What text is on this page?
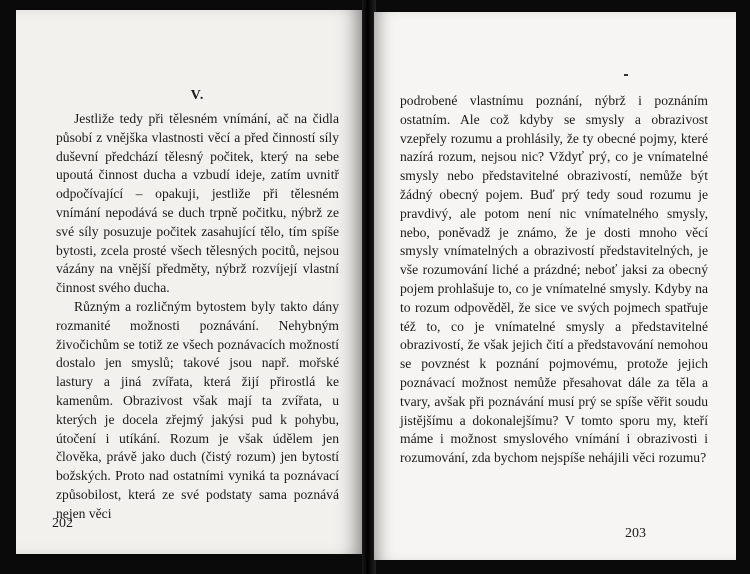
V.

Jestliže tedy při tělesném vnímání, ač na čidla působí z vnějška vlastnosti věcí a před činností síly duševní předchází tělesný počitek, který na sebe upoutá činnost ducha a vzbudí ideje, zatím uvnitř odpočívající – opakuji, jestliže při tělesném vnímání nepodává se duch trpně počitku, nýbrž ze své síly posuzuje počitek zasahující tělo, tím spíše bytosti, zcela prosté všech tělesných pocitů, nejsou vázány na vnější předměty, nýbrž rozvíjejí vlastní činnost svého ducha.

Různým a rozličným bytostem byly takto dány rozmanité možnosti poznávání. Nehybným živočichům se totiž ze všech poznávacích možností dostalo jen smyslů; takové jsou např. mořské lastury a jiná zvířata, která žijí přirostlá ke kamenům. Obrazivost však mají ta zvířata, u kterých je docela zřejmý jakýsi pud k pohybu, útočení i utíkání. Rozum je však údělem jen člověka, právě jako duch (čistý rozum) jen bytostí božských. Proto nad ostatními vyniká ta poznávací způsobilost, která ze své podstaty sama poznává nejen věci

202

podrobené vlastnímu poznání, nýbrž i poznáním ostatním. Ale což kdyby se smysly a obrazivost vzepřely rozumu a prohlásily, že ty obecné pojmy, které nazírá rozum, nejsou nic? Vždyť prý, co je vnímatelné smysly nebo představitelné obrazivostí, nemůže být žádný obecný pojem. Buď prý tedy soud rozumu je pravdivý, ale potom není nic vnímatelného smysly, nebo, poněvadž je známo, že je dosti mnoho věcí smysly vnímatelných a obrazivostí představitelných, je vše rozumování liché a prázdné; neboť jaksi za obecný pojem prohlašuje to, co je vnímatelné smysly. Kdyby na to rozum odpověděl, že sice ve svých pojmech spatřuje též to, co je vnímatelné smysly a představitelné obrazivostí, že však jejich čití a představování nemohou se povznést k poznání pojmovému, protože jejich poznávací možnost nemůže přesahovat dále za těla a tvary, avšak při poznávání musí prý se spíše věřit soudu jistějšímu a dokonalejšímu? V tomto sporu my, kteří máme i možnost smyslového vnímání i obrazivosti i rozumování, zda bychom nejspíše nehájili věci rozumu?

203
